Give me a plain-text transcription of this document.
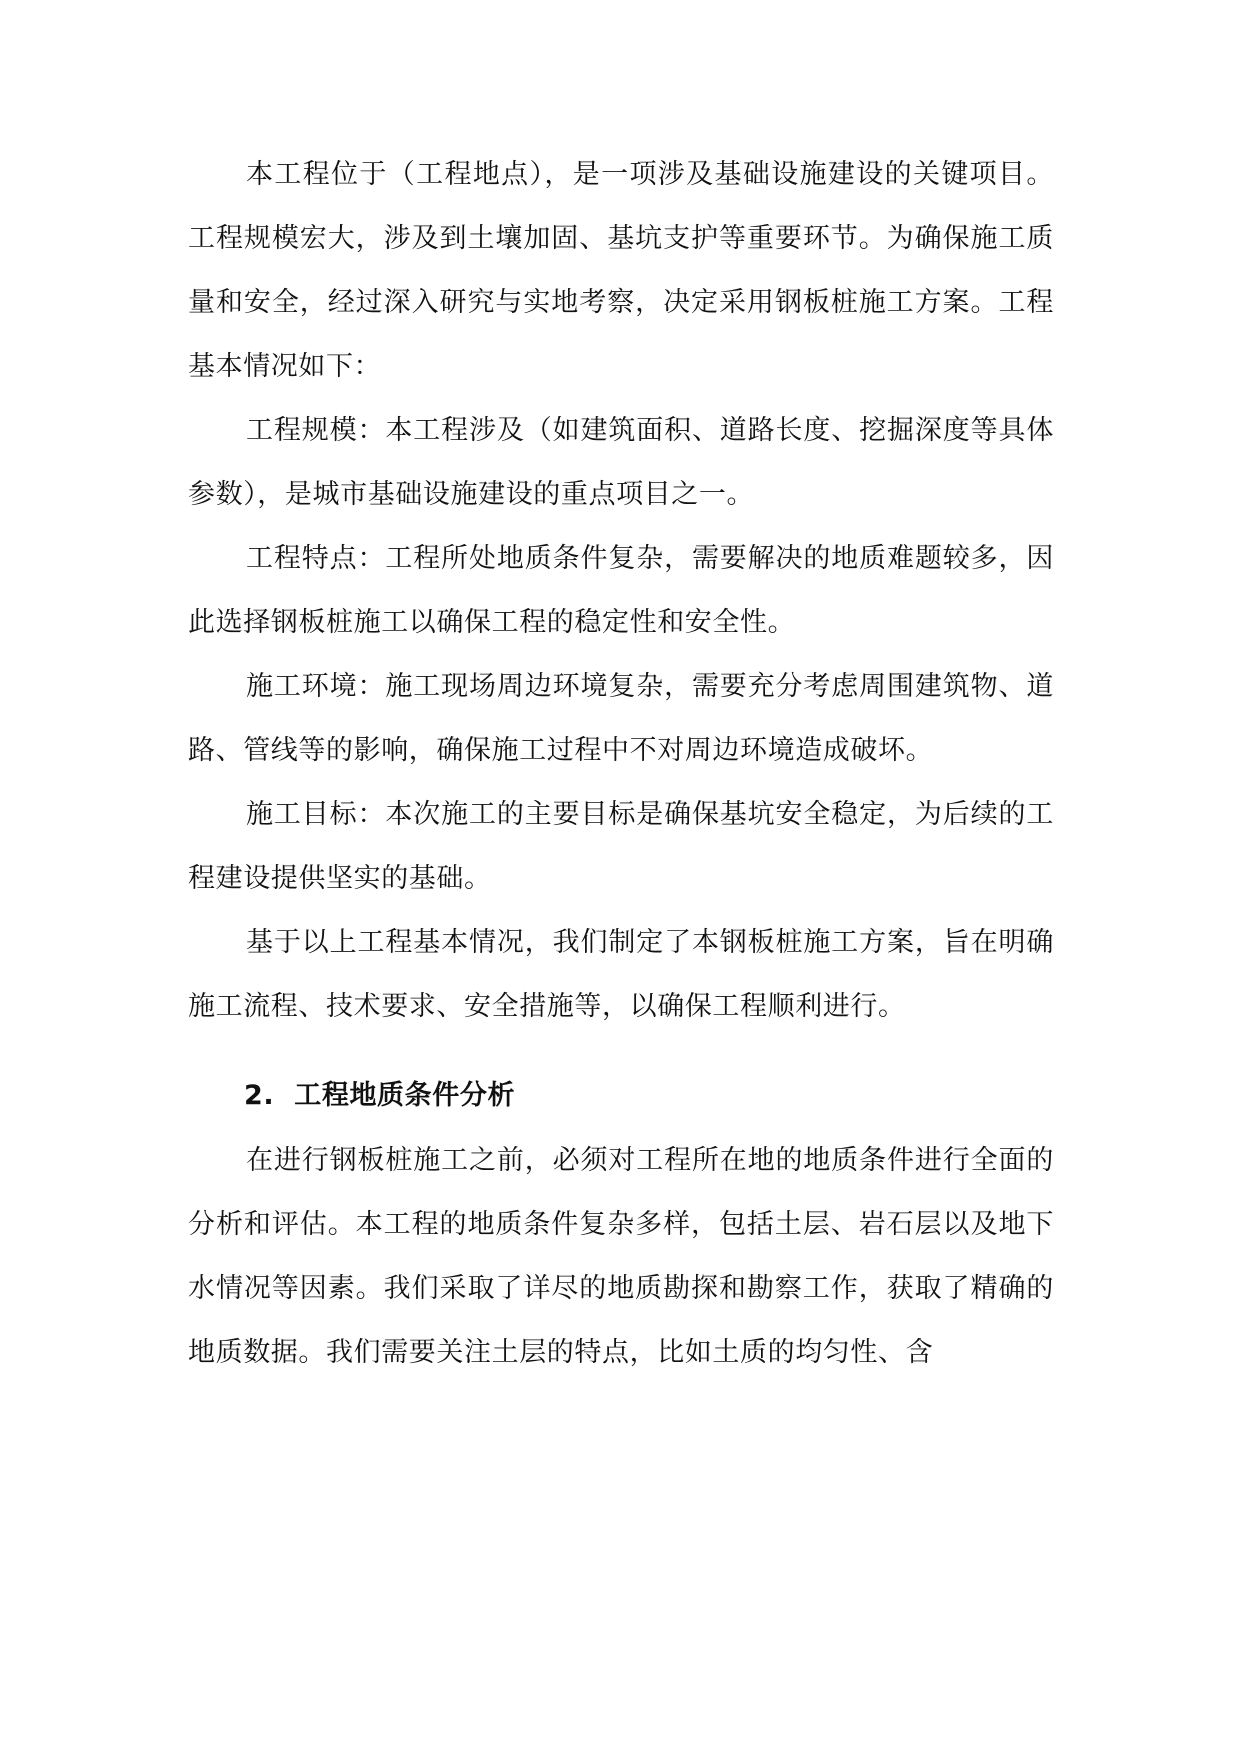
本工程位于（工程地点），是一项涉及基础设施建设的关键项目。工程规模宏大，涉及到土壤加固、基坑支护等重要环节。为确保施工质量和安全，经过深入研究与实地考察，决定采用钢板桩施工方案。工程基本情况如下：

工程规模：本工程涉及（如建筑面积、道路长度、挖掘深度等具体参数），是城市基础设施建设的重点项目之一。

工程特点：工程所处地质条件复杂，需要解决的地质难题较多，因此选择钢板桩施工以确保工程的稳定性和安全性。

施工环境：施工现场周边环境复杂，需要充分考虑周围建筑物、道路、管线等的影响，确保施工过程中不对周边环境造成破坏。

施工目标：本次施工的主要目标是确保基坑安全稳定，为后续的工程建设提供坚实的基础。

基于以上工程基本情况，我们制定了本钢板桩施工方案，旨在明确施工流程、技术要求、安全措施等，以确保工程顺利进行。

2. 工程地质条件分析

在进行钢板桩施工之前，必须对工程所在地的地质条件进行全面的分析和评估。本工程的地质条件复杂多样，包括土层、岩石层以及地下水情况等因素。我们采取了详尽的地质勘探和勘察工作，获取了精确的地质数据。我们需要关注土层的特点，比如土质的均匀性、含
